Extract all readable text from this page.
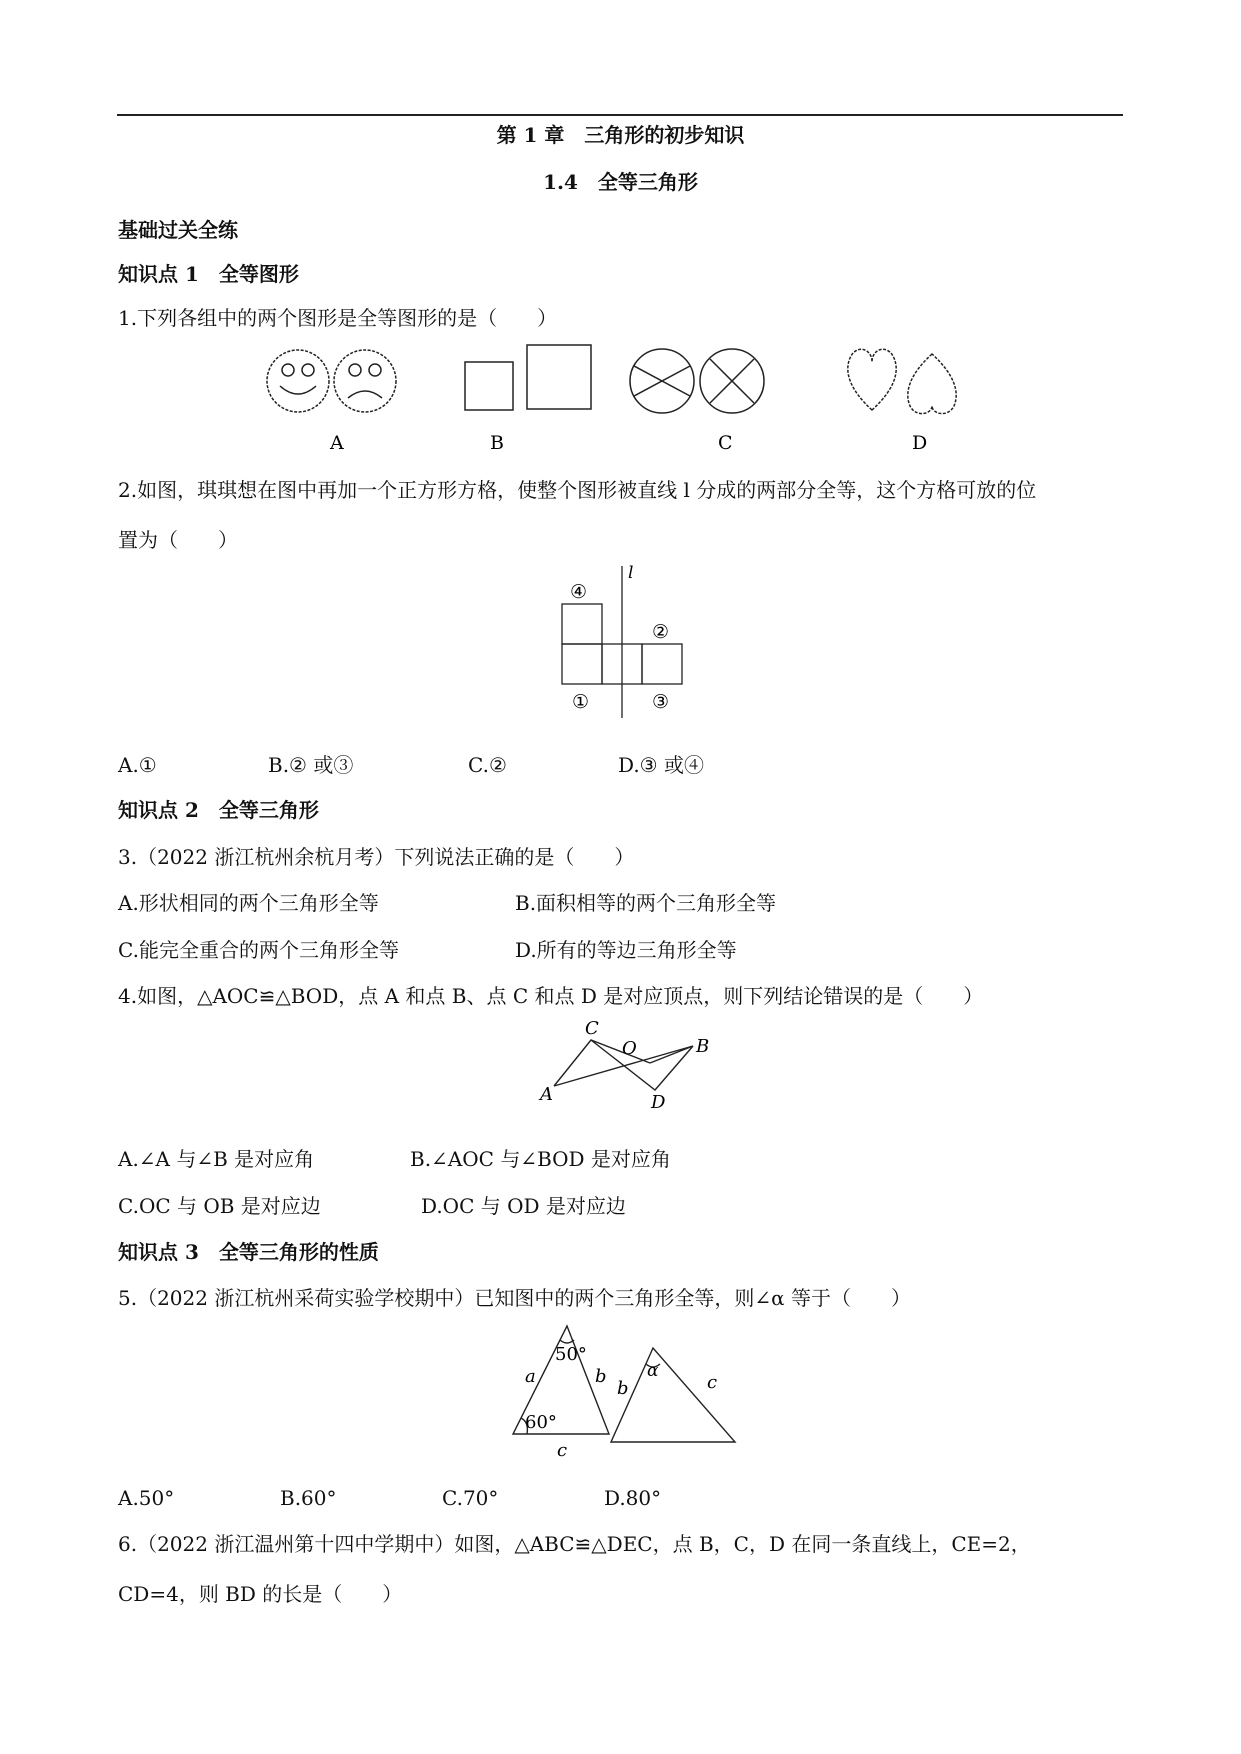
第 1 章　三角形的初步知识
1.4　全等三角形
基础过关全练
知识点 1　全等图形
1.下列各组中的两个图形是全等图形的是（　　）
A	B	C	D
2.如图，琪琪想在图中再加一个正方形方格，使整个图形被直线 l 分成的两部分全等，这个方格可放的位
置为（　　）
l
④
②
①	③
A.①	B.② 或③	C.②	D.③ 或④
知识点 2　全等三角形
3.（2022 浙江杭州余杭月考）下列说法正确的是（　　）
A.形状相同的两个三角形全等	B.面积相等的两个三角形全等
C.能完全重合的两个三角形全等	D.所有的等边三角形全等
4.如图，△AOC≌△BOD，点 A 和点 B、点 C 和点 D 是对应顶点，则下列结论错误的是（　　）
C
O	B
A	D
A.∠A 与∠B 是对应角	B.∠AOC 与∠BOD 是对应角
C.OC 与 OB 是对应边	D.OC 与 OD 是对应边
知识点 3　全等三角形的性质
5.（2022 浙江杭州采荷实验学校期中）已知图中的两个三角形全等，则∠α 等于（　　）
a	b
c
50°
60°
b	c
α
A.50°	B.60°	C.70°	D.80°
6.（2022 浙江温州第十四中学期中）如图，△ABC≌△DEC，点 B，C，D 在同一条直线上，CE=2，
CD=4，则 BD 的长是（　　）
